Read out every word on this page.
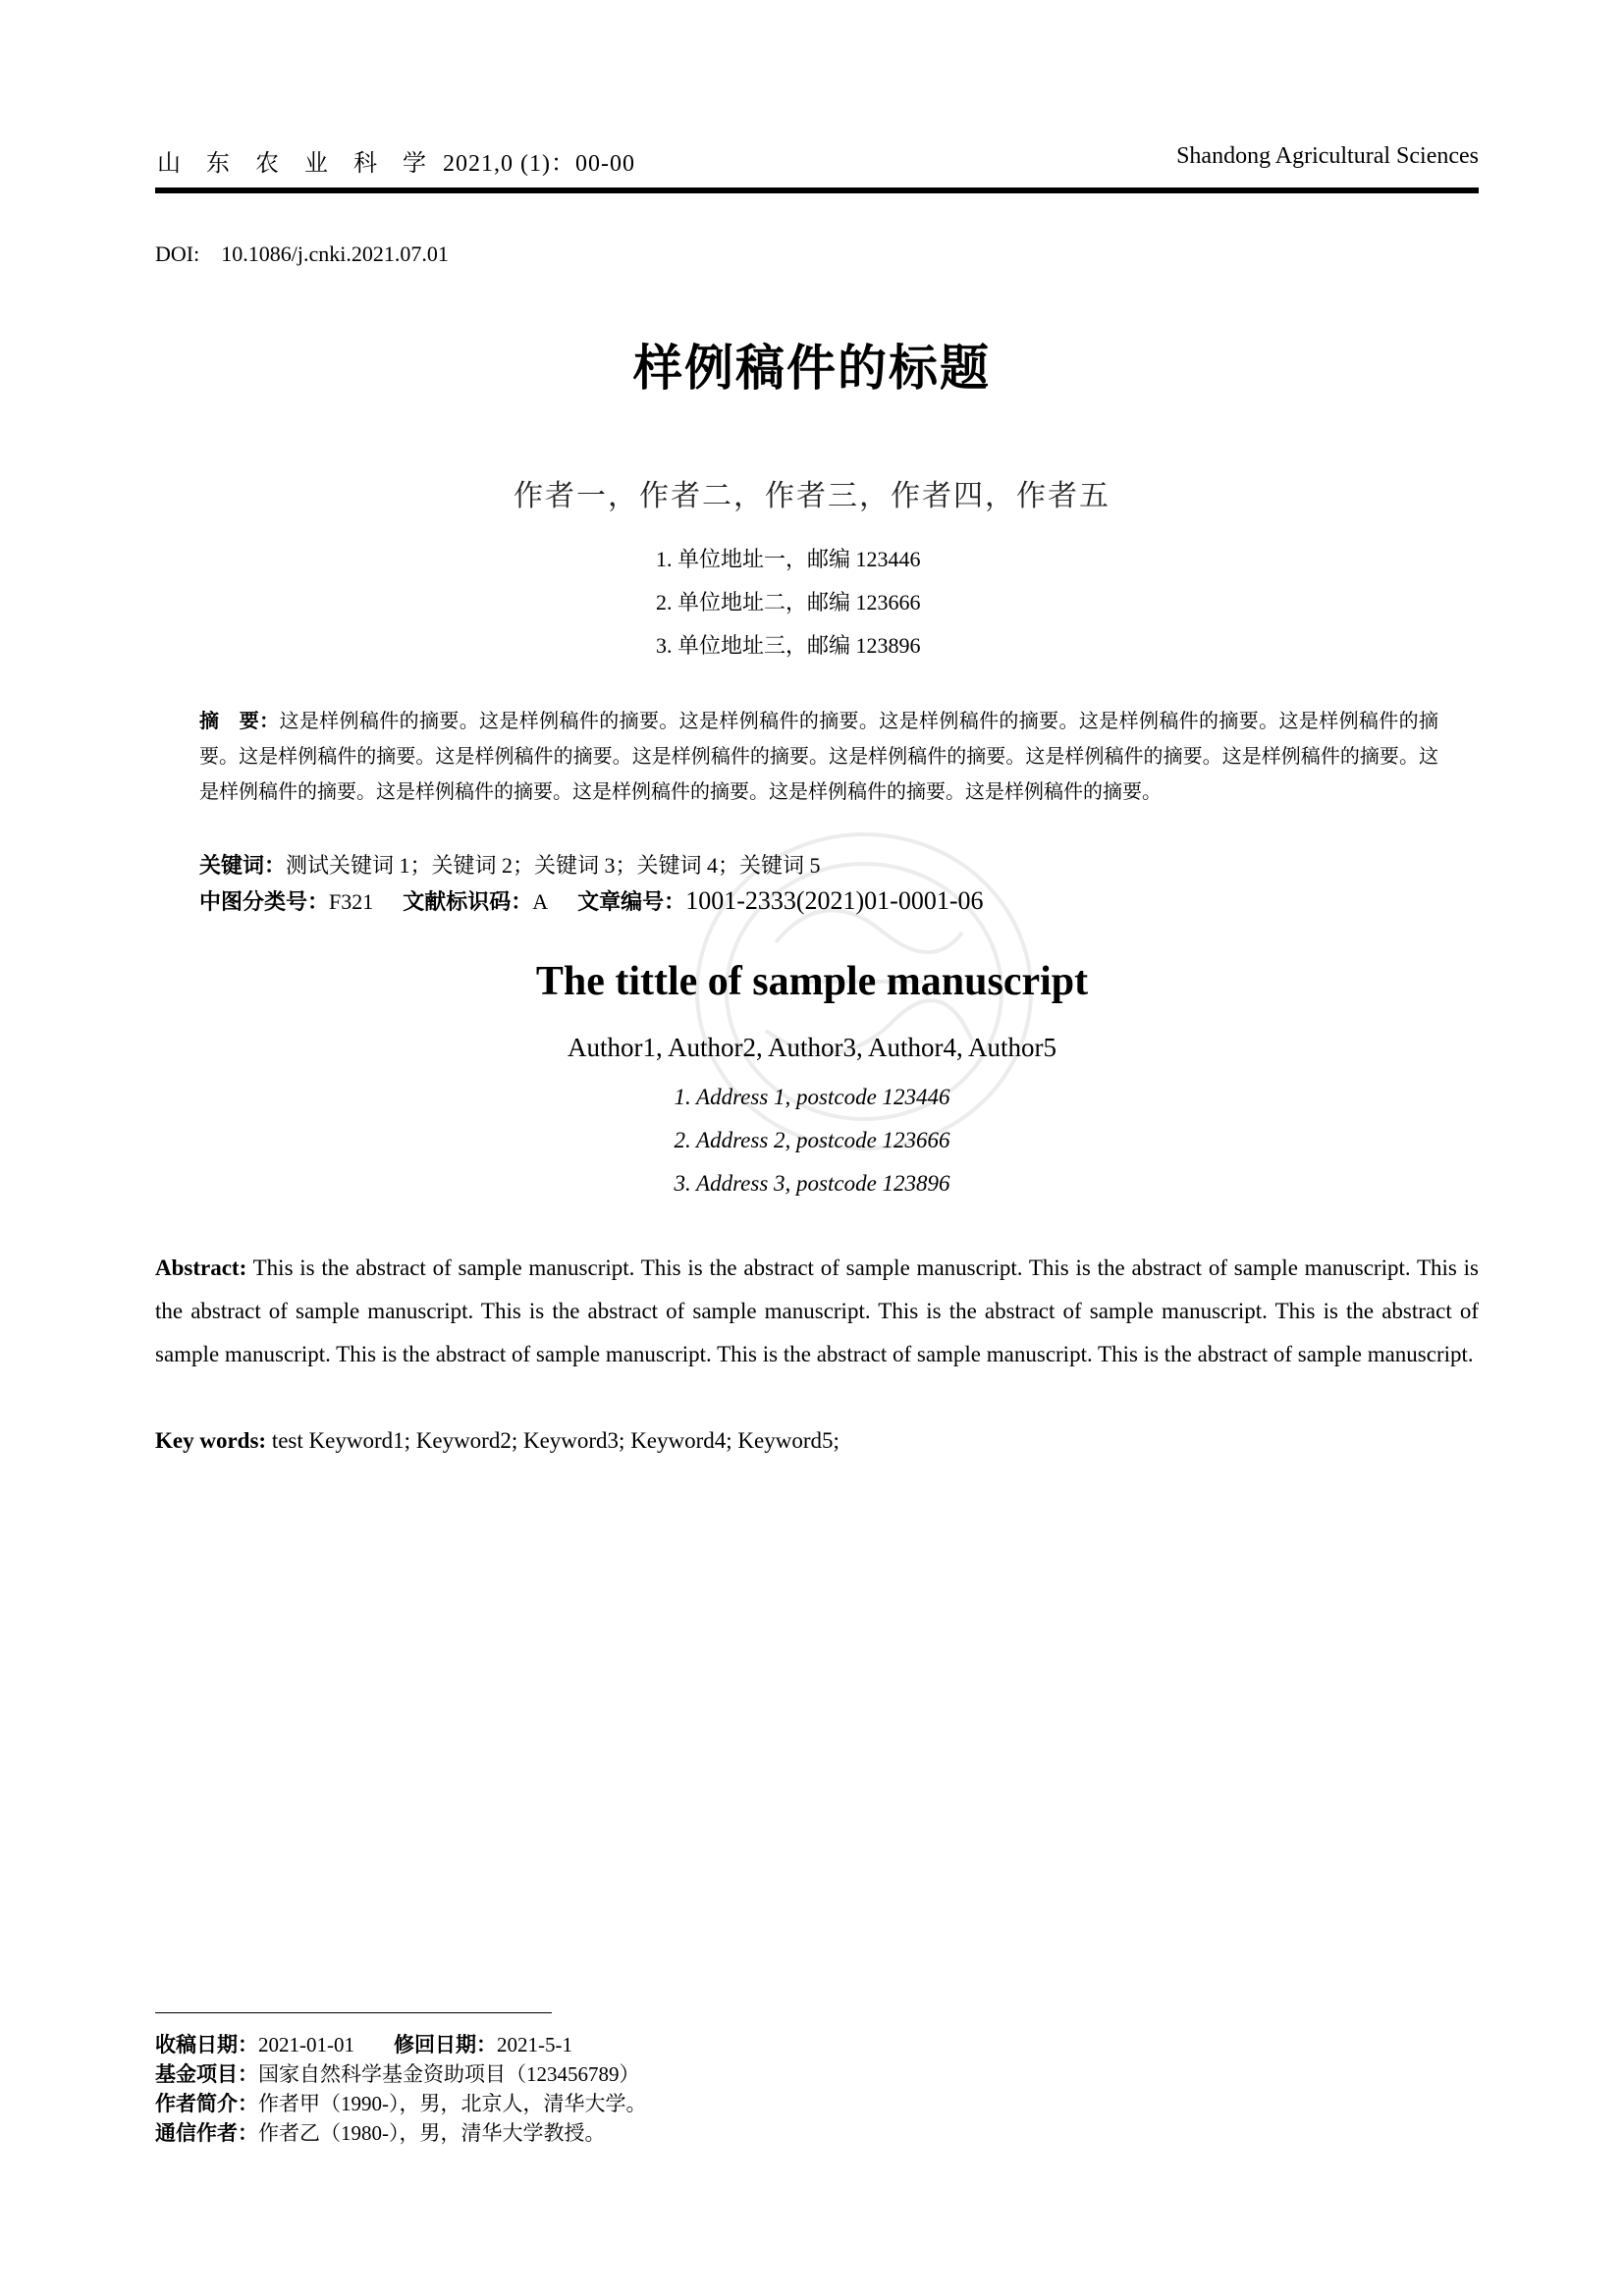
山 东 农 业 科 学 2021,0 (1)：00-00	Shandong Agricultural Sciences
DOI: 10.1086/j.cnki.2021.07.01
样例稿件的标题
作者一，作者二，作者三，作者四，作者五
1. 单位地址一，邮编 123446
2. 单位地址二，邮编 123666
3. 单位地址三，邮编 123896
摘　要：这是样例稿件的摘要。这是样例稿件的摘要。这是样例稿件的摘要。这是样例稿件的摘要。这是样例稿件的摘要。这是样例稿件的摘要。这是样例稿件的摘要。这是样例稿件的摘要。这是样例稿件的摘要。这是样例稿件的摘要。这是样例稿件的摘要。这是样例稿件的摘要。这是样例稿件的摘要。这是样例稿件的摘要。这是样例稿件的摘要。这是样例稿件的摘要。这是样例稿件的摘要。
关键词：测试关键词 1；关键词 2；关键词 3；关键词 4；关键词 5
中图分类号：F321 文献标识码：A 文章编号：1001-2333(2021)01-0001-06
The tittle of sample manuscript
Author1, Author2, Author3, Author4, Author5
1. Address 1, postcode 123446
2. Address 2, postcode 123666
3. Address 3, postcode 123896
Abstract: This is the abstract of sample manuscript. This is the abstract of sample manuscript. This is the abstract of sample manuscript. This is the abstract of sample manuscript. This is the abstract of sample manuscript. This is the abstract of sample manuscript. This is the abstract of sample manuscript. This is the abstract of sample manuscript. This is the abstract of sample manuscript. This is the abstract of sample manuscript.
Key words: test Keyword1; Keyword2; Keyword3; Keyword4; Keyword5;
收稿日期：2021-01-01 修回日期：2021-5-1
基金项目：国家自然科学基金资助项目（123456789）
作者简介：作者甲（1990-），男，北京人，清华大学。
通信作者：作者乙（1980-），男，清华大学教授。
